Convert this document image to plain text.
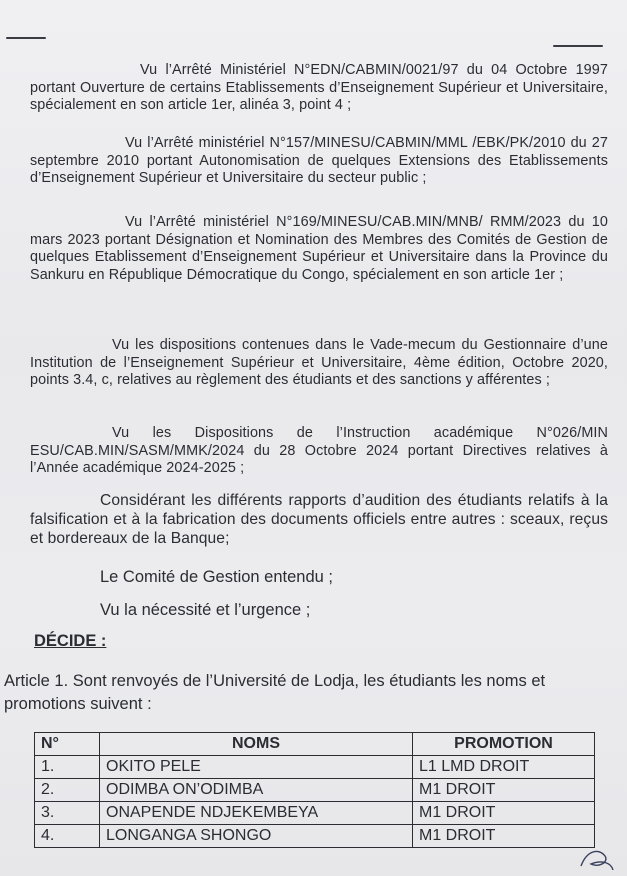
Vu l’Arrêté Ministériel N°EDN/CABMIN/0021/97 du 04 Octobre 1997 portant Ouverture de certains Etablissements d’Enseignement Supérieur et Universitaire, spécialement en son article 1er, alinéa 3, point 4 ;

Vu l’Arrêté ministériel N°157/MINESU/CABMIN/MML /EBK/PK/2010 du 27 septembre 2010 portant Autonomisation de quelques Extensions des Etablissements d’Enseignement Supérieur et Universitaire du secteur public ;

Vu l’Arrêté ministériel N°169/MINESU/CAB.MIN/MNB/ RMM/2023 du 10 mars 2023 portant Désignation et Nomination des Membres des Comités de Gestion de quelques Etablissement d’Enseignement Supérieur et Universitaire dans la Province du Sankuru en République Démocratique du Congo, spécialement en son article 1er ;

Vu les dispositions contenues dans le Vade-mecum du Gestionnaire d’une Institution de l’Enseignement Supérieur et Universitaire, 4ème édition, Octobre 2020, points 3.4, c, relatives au règlement des étudiants et des sanctions y afférentes ;

Vu les Dispositions de l’Instruction académique N°026/MIN ESU/CAB.MIN/SASM/MMK/2024 du 28 Octobre 2024 portant Directives relatives à l’Année académique 2024-2025 ;

Considérant les différents rapports d’audition des étudiants relatifs à la falsification et à la fabrication des documents officiels entre autres : sceaux, reçus et bordereaux de la Banque;

Le Comité de Gestion entendu ;

Vu la nécessité et l’urgence ;

DÉCIDE :

Article 1. Sont renvoyés de l’Université de Lodja, les étudiants les noms et promotions suivent :

N°	NOMS	PROMOTION
1.	OKITO PELE	L1 LMD DROIT
2.	ODIMBA ON’ODIMBA	M1 DROIT
3.	ONAPENDE NDJEKEMBEYA	M1 DROIT
4.	LONGANGA SHONGO	M1 DROIT
